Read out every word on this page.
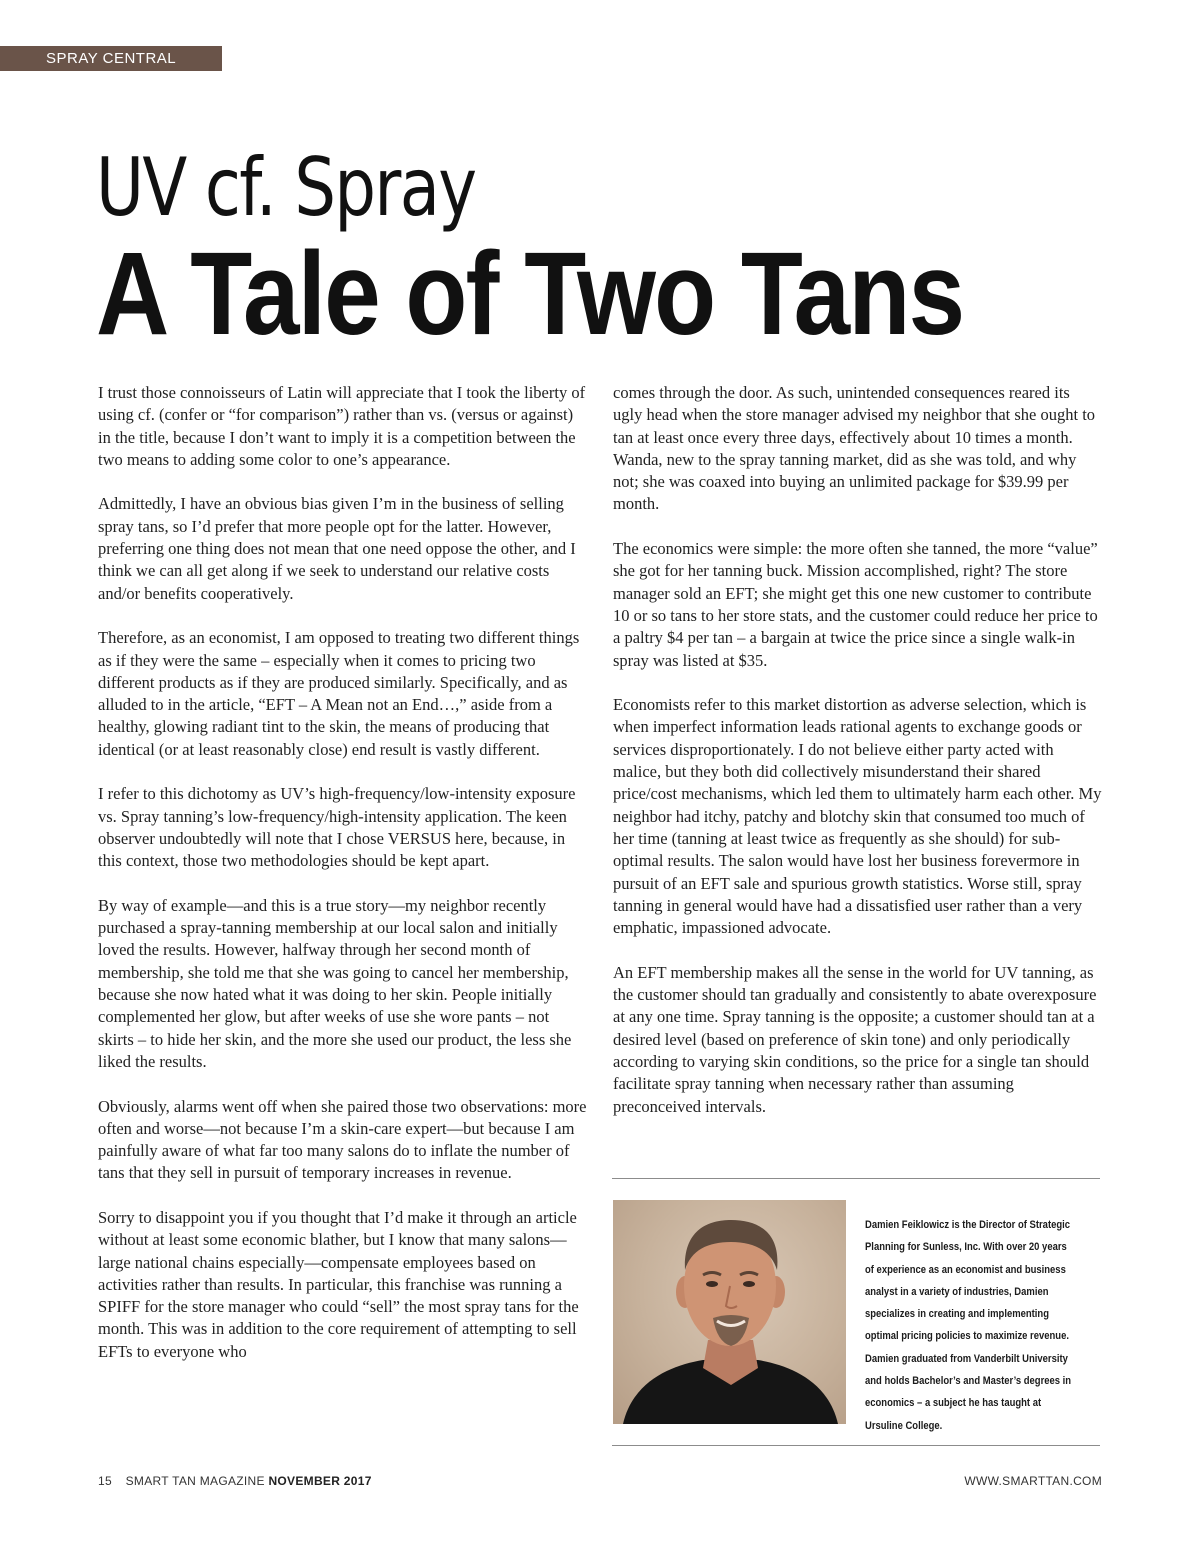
SPRAY CENTRAL
UV cf. Spray
A Tale of Two Tans

I trust those connoisseurs of Latin will appreciate that I took the liberty of using cf. (confer or “for comparison”) rather than vs. (versus or against) in the title, because I don’t want to imply it is a competition between the two means to adding some color to one’s appearance.

Admittedly, I have an obvious bias given I’m in the business of selling spray tans, so I’d prefer that more people opt for the latter. However, preferring one thing does not mean that one need oppose the other, and I think we can all get along if we seek to understand our relative costs and/or benefits cooperatively.

Therefore, as an economist, I am opposed to treating two different things as if they were the same – especially when it comes to pricing two different products as if they are produced similarly. Specifically, and as alluded to in the article, “EFT – A Mean not an End…,” aside from a healthy, glowing radiant tint to the skin, the means of producing that identical (or at least reasonably close) end result is vastly different.

I refer to this dichotomy as UV’s high-frequency/low-intensity exposure vs. Spray tanning’s low-frequency/high-intensity application. The keen observer undoubtedly will note that I chose VERSUS here, because, in this context, those two methodologies should be kept apart.

By way of example—and this is a true story—my neighbor recently purchased a spray-tanning membership at our local salon and initially loved the results. However, halfway through her second month of membership, she told me that she was going to cancel her membership, because she now hated what it was doing to her skin. People initially complemented her glow, but after weeks of use she wore pants – not skirts – to hide her skin, and the more she used our product, the less she liked the results.

Obviously, alarms went off when she paired those two observations: more often and worse—not because I’m a skin-care expert—but because I am painfully aware of what far too many salons do to inflate the number of tans that they sell in pursuit of temporary increases in revenue.

Sorry to disappoint you if you thought that I’d make it through an article without at least some economic blather, but I know that many salons—large national chains especially—compensate employees based on activities rather than results. In particular, this franchise was running a SPIFF for the store manager who could “sell” the most spray tans for the month. This was in addition to the core requirement of attempting to sell EFTs to everyone who

comes through the door. As such, unintended consequences reared its ugly head when the store manager advised my neighbor that she ought to tan at least once every three days, effectively about 10 times a month. Wanda, new to the spray tanning market, did as she was told, and why not; she was coaxed into buying an unlimited package for $39.99 per month.

The economics were simple: the more often she tanned, the more “value” she got for her tanning buck. Mission accomplished, right? The store manager sold an EFT; she might get this one new customer to contribute 10 or so tans to her store stats, and the customer could reduce her price to a paltry $4 per tan – a bargain at twice the price since a single walk-in spray was listed at $35.

Economists refer to this market distortion as adverse selection, which is when imperfect information leads rational agents to exchange goods or services disproportionately. I do not believe either party acted with malice, but they both did collectively misunderstand their shared price/cost mechanisms, which led them to ultimately harm each other. My neighbor had itchy, patchy and blotchy skin that consumed too much of her time (tanning at least twice as frequently as she should) for sub-optimal results. The salon would have lost her business forevermore in pursuit of an EFT sale and spurious growth statistics. Worse still, spray tanning in general would have had a dissatisfied user rather than a very emphatic, impassioned advocate.

An EFT membership makes all the sense in the world for UV tanning, as the customer should tan gradually and consistently to abate overexposure at any one time. Spray tanning is the opposite; a customer should tan at a desired level (based on preference of skin tone) and only periodically according to varying skin conditions, so the price for a single tan should facilitate spray tanning when necessary rather than assuming preconceived intervals.

Damien Feiklowicz is the Director of Strategic Planning for Sunless, Inc. With over 20 years of experience as an economist and business analyst in a variety of industries, Damien specializes in creating and implementing optimal pricing policies to maximize revenue. Damien graduated from Vanderbilt University and holds Bachelor’s and Master’s degrees in economics – a subject he has taught at Ursuline College.
15 SMART TAN MAGAZINE NOVEMBER 2017	WWW.SMARTTAN.COM
